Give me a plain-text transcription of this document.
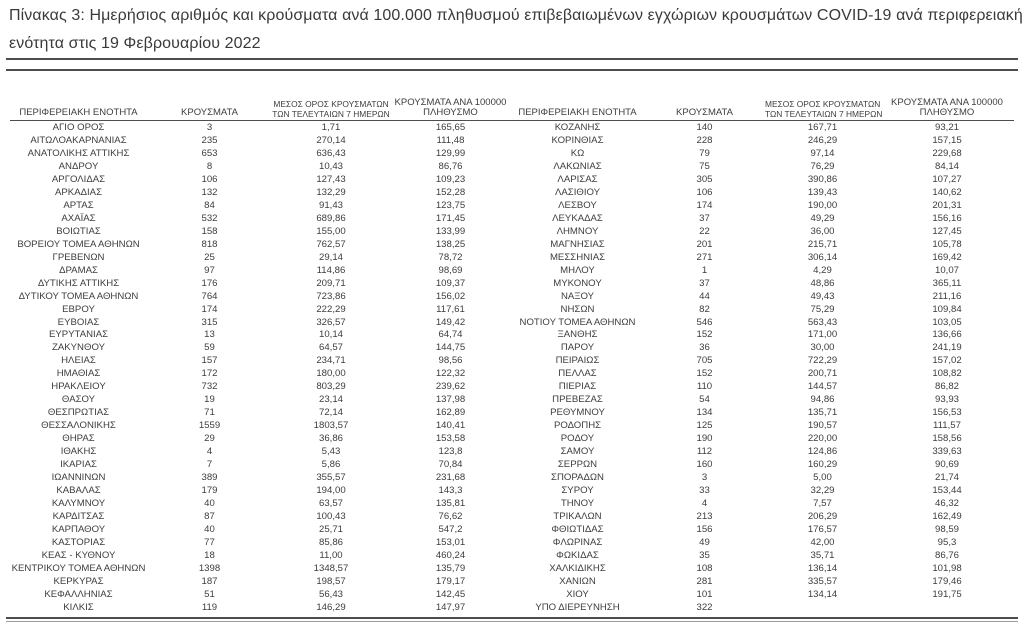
Πίνακας 3: Ημερήσιος αριθμός και κρούσματα ανά 100.000 πληθυσμού επιβεβαιωμένων εγχώριων κρουσμάτων COVID-19 ανά περιφερειακή
ενότητα στις 19 Φεβρουαρίου 2022
ΠΕΡΙΦΕΡΕΙΑΚΗ ΕΝΟΤΗΤΑ	ΚΡΟΥΣΜΑΤΑ
ΜΕΣΟΣ ΟΡΟΣ ΚΡΟΥΣΜΑΤΩΝ
ΤΩΝ ΤΕΛΕΥΤΑΙΩΝ 7 ΗΜΕΡΩΝ
ΚΡΟΥΣΜΑΤΑ ΑΝΑ 100000
ΠΛΗΘΥΣΜΟ	ΠΕΡΙΦΕΡΕΙΑΚΗ ΕΝΟΤΗΤΑ	ΚΡΟΥΣΜΑΤΑ
ΜΕΣΟΣ ΟΡΟΣ ΚΡΟΥΣΜΑΤΩΝ
ΤΩΝ ΤΕΛΕΥΤΑΙΩΝ 7 ΗΜΕΡΩΝ
ΚΡΟΥΣΜΑΤΑ ΑΝΑ 100000
ΠΛΗΘΥΣΜΟ
ΑΓΙΟ ΟΡΟΣ	3	1,71	165,65	ΚΟΖΑΝΗΣ	140	167,71	93,21
ΑΙΤΩΛΟΑΚΑΡΝΑΝΙΑΣ	235	270,14	111,48	ΚΟΡΙΝΘΙΑΣ	228	246,29	157,15
ΑΝΑΤΟΛΙΚΗΣ ΑΤΤΙΚΗΣ	653	636,43	129,99	ΚΩ	79	97,14	229,68
ΑΝΔΡΟΥ	8	10,43	86,76	ΛΑΚΩΝΙΑΣ	75	76,29	84,14
ΑΡΓΟΛΙΔΑΣ	106	127,43	109,23	ΛΑΡΙΣΑΣ	305	390,86	107,27
ΑΡΚΑΔΙΑΣ	132	132,29	152,28	ΛΑΣΙΘΙΟΥ	106	139,43	140,62
ΑΡΤΑΣ	84	91,43	123,75	ΛΕΣΒΟΥ	174	190,00	201,31
ΑΧΑΪΑΣ	532	689,86	171,45	ΛΕΥΚΑΔΑΣ	37	49,29	156,16
ΒΟΙΩΤΙΑΣ	158	155,00	133,99	ΛΗΜΝΟΥ	22	36,00	127,45
ΒΟΡΕΙΟΥ ΤΟΜΕΑ ΑΘΗΝΩΝ	818	762,57	138,25	ΜΑΓΝΗΣΙΑΣ	201	215,71	105,78
ΓΡΕΒΕΝΩΝ	25	29,14	78,72	ΜΕΣΣΗΝΙΑΣ	271	306,14	169,42
ΔΡΑΜΑΣ	97	114,86	98,69	ΜΗΛΟΥ	1	4,29	10,07
ΔΥΤΙΚΗΣ ΑΤΤΙΚΗΣ	176	209,71	109,37	ΜΥΚΟΝΟΥ	37	48,86	365,11
ΔΥΤΙΚΟΥ ΤΟΜΕΑ ΑΘΗΝΩΝ	764	723,86	156,02	ΝΑΞΟΥ	44	49,43	211,16
ΕΒΡΟΥ	174	222,29	117,61	ΝΗΣΩΝ	82	75,29	109,84
ΕΥΒΟΙΑΣ	315	326,57	149,42	ΝΟΤΙΟΥ ΤΟΜΕΑ ΑΘΗΝΩΝ	546	563,43	103,05
ΕΥΡΥΤΑΝΙΑΣ	13	10,14	64,74	ΞΑΝΘΗΣ	152	171,00	136,66
ΖΑΚΥΝΘΟΥ	59	64,57	144,75	ΠΑΡΟΥ	36	30,00	241,19
ΗΛΕΙΑΣ	157	234,71	98,56	ΠΕΙΡΑΙΩΣ	705	722,29	157,02
ΗΜΑΘΙΑΣ	172	180,00	122,32	ΠΕΛΛΑΣ	152	200,71	108,82
ΗΡΑΚΛΕΙΟΥ	732	803,29	239,62	ΠΙΕΡΙΑΣ	110	144,57	86,82
ΘΑΣΟΥ	19	23,14	137,98	ΠΡΕΒΕΖΑΣ	54	94,86	93,93
ΘΕΣΠΡΩΤΙΑΣ	71	72,14	162,89	ΡΕΘΥΜΝΟΥ	134	135,71	156,53
ΘΕΣΣΑΛΟΝΙΚΗΣ	1559	1803,57	140,41	ΡΟΔΟΠΗΣ	125	190,57	111,57
ΘΗΡΑΣ	29	36,86	153,58	ΡΟΔΟΥ	190	220,00	158,56
ΙΘΑΚΗΣ	4	5,43	123,8	ΣΑΜΟΥ	112	124,86	339,63
ΙΚΑΡΙΑΣ	7	5,86	70,84	ΣΕΡΡΩΝ	160	160,29	90,69
ΙΩΑΝΝΙΝΩΝ	389	355,57	231,68	ΣΠΟΡΑΔΩΝ	3	5,00	21,74
ΚΑΒΑΛΑΣ	179	194,00	143,3	ΣΥΡΟΥ	33	32,29	153,44
ΚΑΛΥΜΝΟΥ	40	63,57	135,81	ΤΗΝΟΥ	4	7,57	46,32
ΚΑΡΔΙΤΣΑΣ	87	100,43	76,62	ΤΡΙΚΑΛΩΝ	213	206,29	162,49
ΚΑΡΠΑΘΟΥ	40	25,71	547,2	ΦΘΙΩΤΙΔΑΣ	156	176,57	98,59
ΚΑΣΤΟΡΙΑΣ	77	85,86	153,01	ΦΛΩΡΙΝΑΣ	49	42,00	95,3
ΚΕΑΣ - ΚΥΘΝΟΥ	18	11,00	460,24	ΦΩΚΙΔΑΣ	35	35,71	86,76
ΚΕΝΤΡΙΚΟΥ ΤΟΜΕΑ ΑΘΗΝΩΝ	1398	1348,57	135,79	ΧΑΛΚΙΔΙΚΗΣ	108	136,14	101,98
ΚΕΡΚΥΡΑΣ	187	198,57	179,17	ΧΑΝΙΩΝ	281	335,57	179,46
ΚΕΦΑΛΛΗΝΙΑΣ	51	56,43	142,45	ΧΙΟΥ	101	134,14	191,75
ΚΙΛΚΙΣ	119	146,29	147,97	ΥΠΟ ΔΙΕΡΕΥΝΗΣΗ	322
